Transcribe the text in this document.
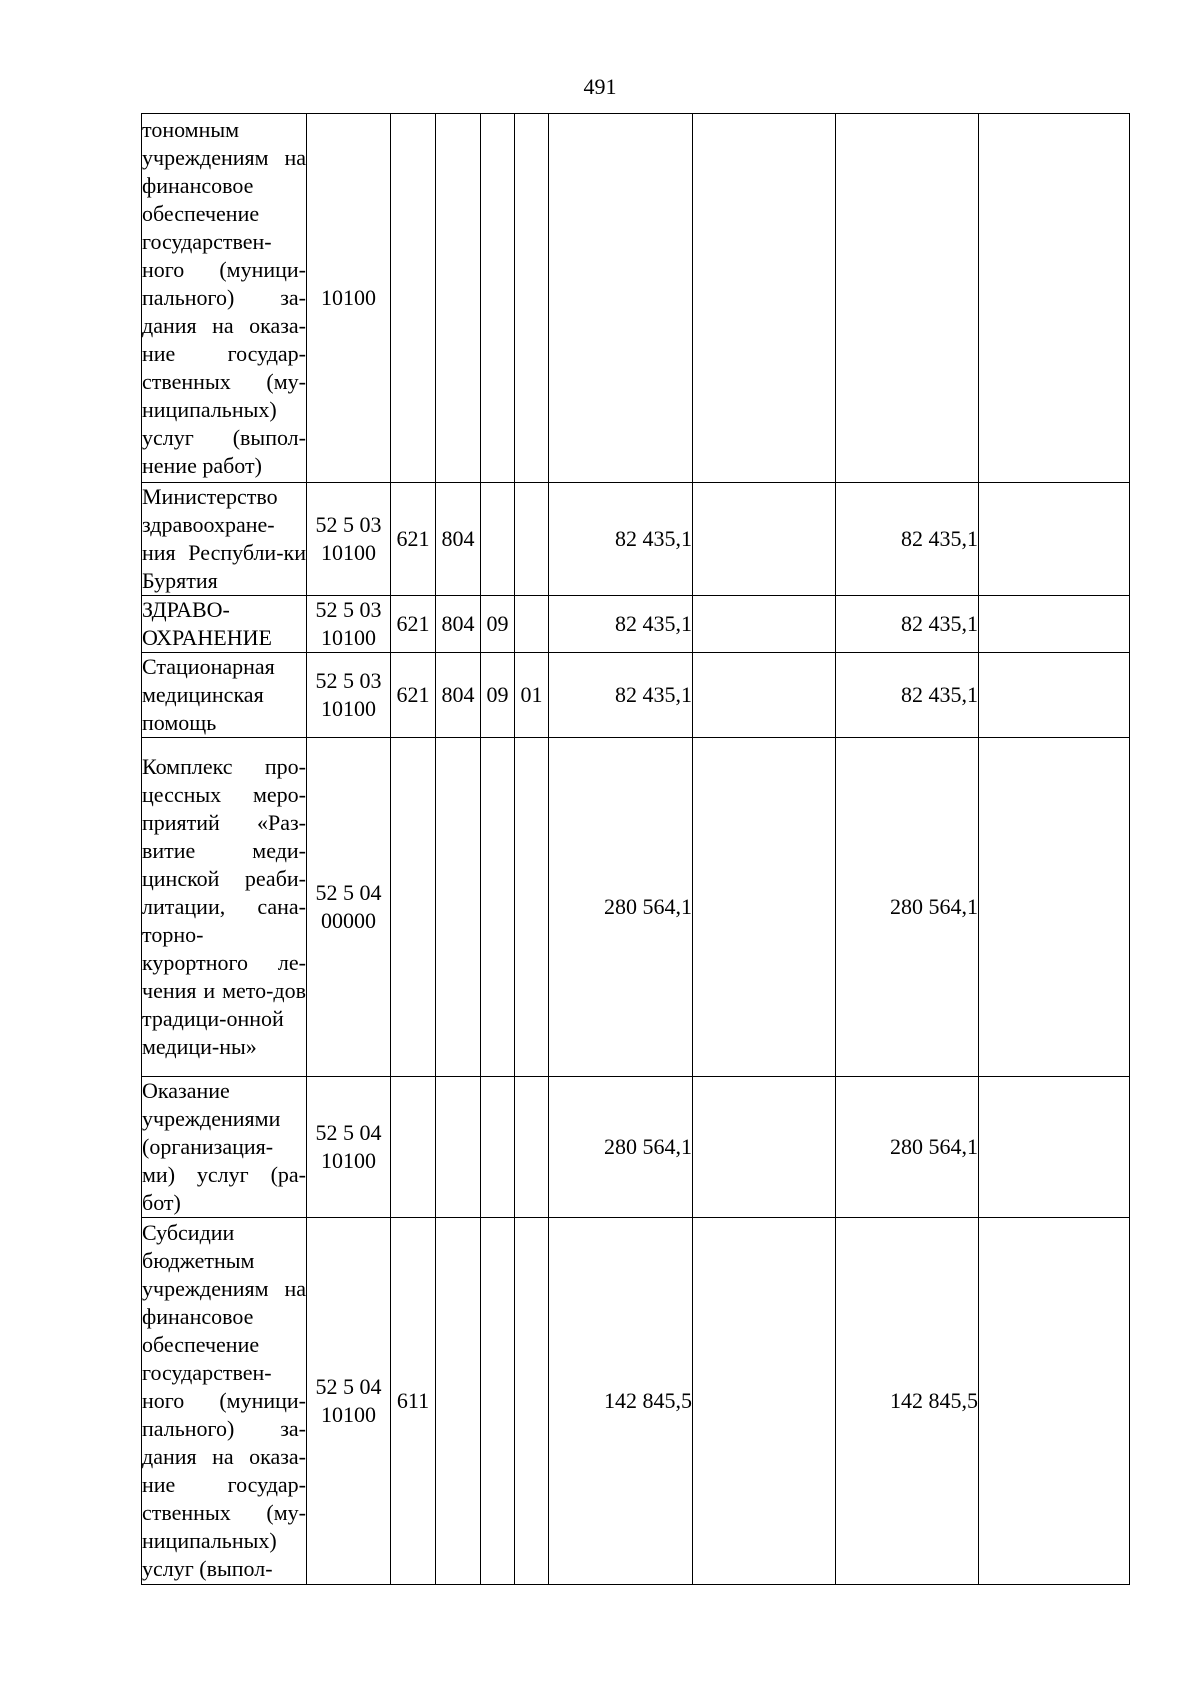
491
тономным учреждениям на финансовое обеспечение государствен-ного (муници-пального) за-дания на оказа-ние государ-ственных (му-ниципальных) услуг (выпол-нение работ)	10100								
Министерство здравоохране-ния Республи-ки Бурятия	52 5 03 10100	621	804			82 435,1		82 435,1	
ЗДРАВО-ОХРАНЕНИЕ	52 5 03 10100	621	804	09		82 435,1		82 435,1	
Стационарная медицинская помощь	52 5 03 10100	621	804	09	01	82 435,1		82 435,1	
Комплекс про-цессных меро-приятий «Раз-витие меди-цинской реаби-литации, сана-торно-курортного ле-чения и мето-дов традици-онной медици-ны»	52 5 04 00000					280 564,1		280 564,1	
Оказание учреждениями (организация-ми) услуг (ра-бот)	52 5 04 10100					280 564,1		280 564,1	
Субсидии бюджетным учреждениям на финансовое обеспечение государствен-ного (муници-пального) за-дания на оказа-ние государ-ственных (му-ниципальных) услуг (выпол-	52 5 04 10100	611				142 845,5		142 845,5	
